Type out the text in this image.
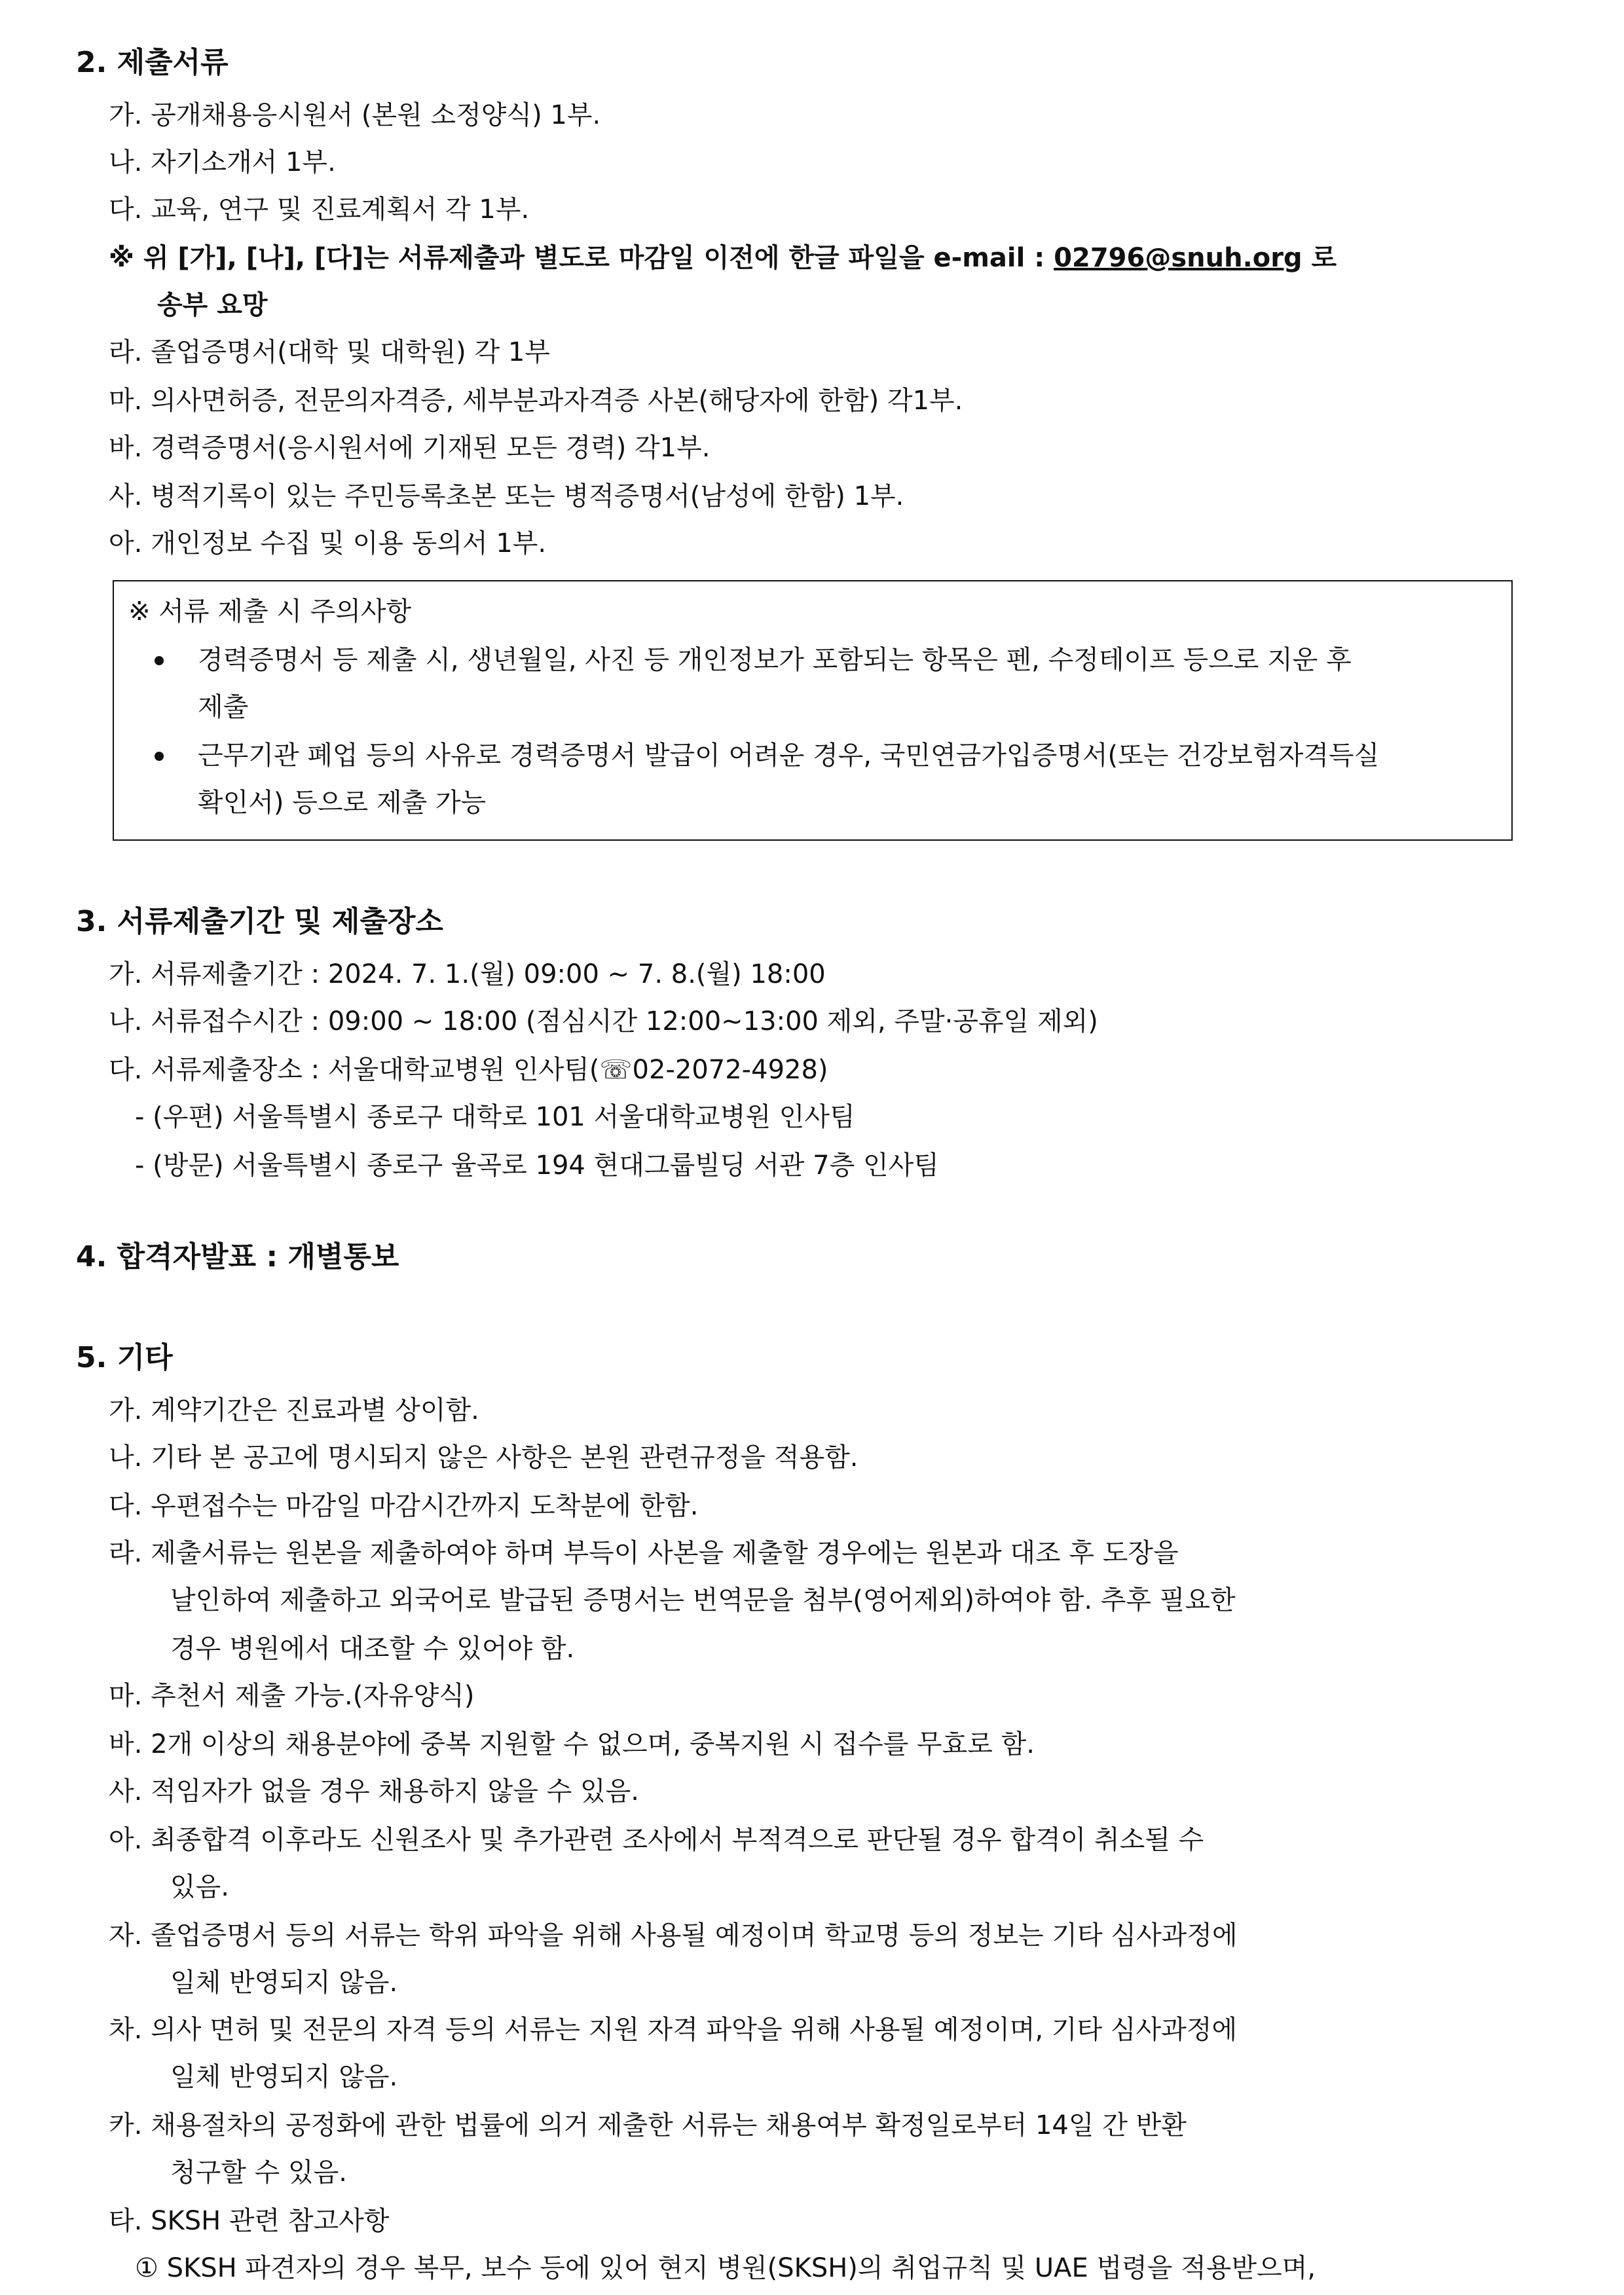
2. 제출서류
가. 공개채용응시원서 (본원 소정양식) 1부.
나. 자기소개서 1부.
다. 교육, 연구 및 진료계획서 각 1부.
※ 위 [가], [나], [다]는 서류제출과 별도로 마감일 이전에 한글 파일을 e-mail : 02796@snuh.org 로
송부 요망
라. 졸업증명서(대학 및 대학원) 각 1부
마. 의사면허증, 전문의자격증, 세부분과자격증 사본(해당자에 한함) 각1부.
바. 경력증명서(응시원서에 기재된 모든 경력) 각1부.
사. 병적기록이 있는 주민등록초본 또는 병적증명서(남성에 한함) 1부.
아. 개인정보 수집 및 이용 동의서 1부.
※ 서류 제출 시 주의사항
경력증명서 등 제출 시, 생년월일, 사진 등 개인정보가 포함되는 항목은 펜, 수정테이프 등으로 지운 후
제출
근무기관 폐업 등의 사유로 경력증명서 발급이 어려운 경우, 국민연금가입증명서(또는 건강보험자격득실
확인서) 등으로 제출 가능
3. 서류제출기간 및 제출장소
가. 서류제출기간 : 2024. 7. 1.(월) 09:00 ~ 7. 8.(월) 18:00
나. 서류접수시간 : 09:00 ~ 18:00 (점심시간 12:00~13:00 제외, 주말·공휴일 제외)
다. 서류제출장소 : 서울대학교병원 인사팀(☏02-2072-4928)
- (우편) 서울특별시 종로구 대학로 101 서울대학교병원 인사팀
- (방문) 서울특별시 종로구 율곡로 194 현대그룹빌딩 서관 7층 인사팀
4. 합격자발표 : 개별통보
5. 기타
가. 계약기간은 진료과별 상이함.
나. 기타 본 공고에 명시되지 않은 사항은 본원 관련규정을 적용함.
다. 우편접수는 마감일 마감시간까지 도착분에 한함.
라. 제출서류는 원본을 제출하여야 하며 부득이 사본을 제출할 경우에는 원본과 대조 후 도장을
날인하여 제출하고 외국어로 발급된 증명서는 번역문을 첨부(영어제외)하여야 함. 추후 필요한
경우 병원에서 대조할 수 있어야 함.
마. 추천서 제출 가능.(자유양식)
바. 2개 이상의 채용분야에 중복 지원할 수 없으며, 중복지원 시 접수를 무효로 함.
사. 적임자가 없을 경우 채용하지 않을 수 있음.
아. 최종합격 이후라도 신원조사 및 추가관련 조사에서 부적격으로 판단될 경우 합격이 취소될 수
있음.
자. 졸업증명서 등의 서류는 학위 파악을 위해 사용될 예정이며 학교명 등의 정보는 기타 심사과정에
일체 반영되지 않음.
차. 의사 면허 및 전문의 자격 등의 서류는 지원 자격 파악을 위해 사용될 예정이며, 기타 심사과정에
일체 반영되지 않음.
카. 채용절차의 공정화에 관한 법률에 의거 제출한 서류는 채용여부 확정일로부터 14일 간 반환
청구할 수 있음.
타. SKSH 관련 참고사항
① SKSH 파견자의 경우 복무, 보수 등에 있어 현지 병원(SKSH)의 취업규칙 및 UAE 법령을 적용받으며,
